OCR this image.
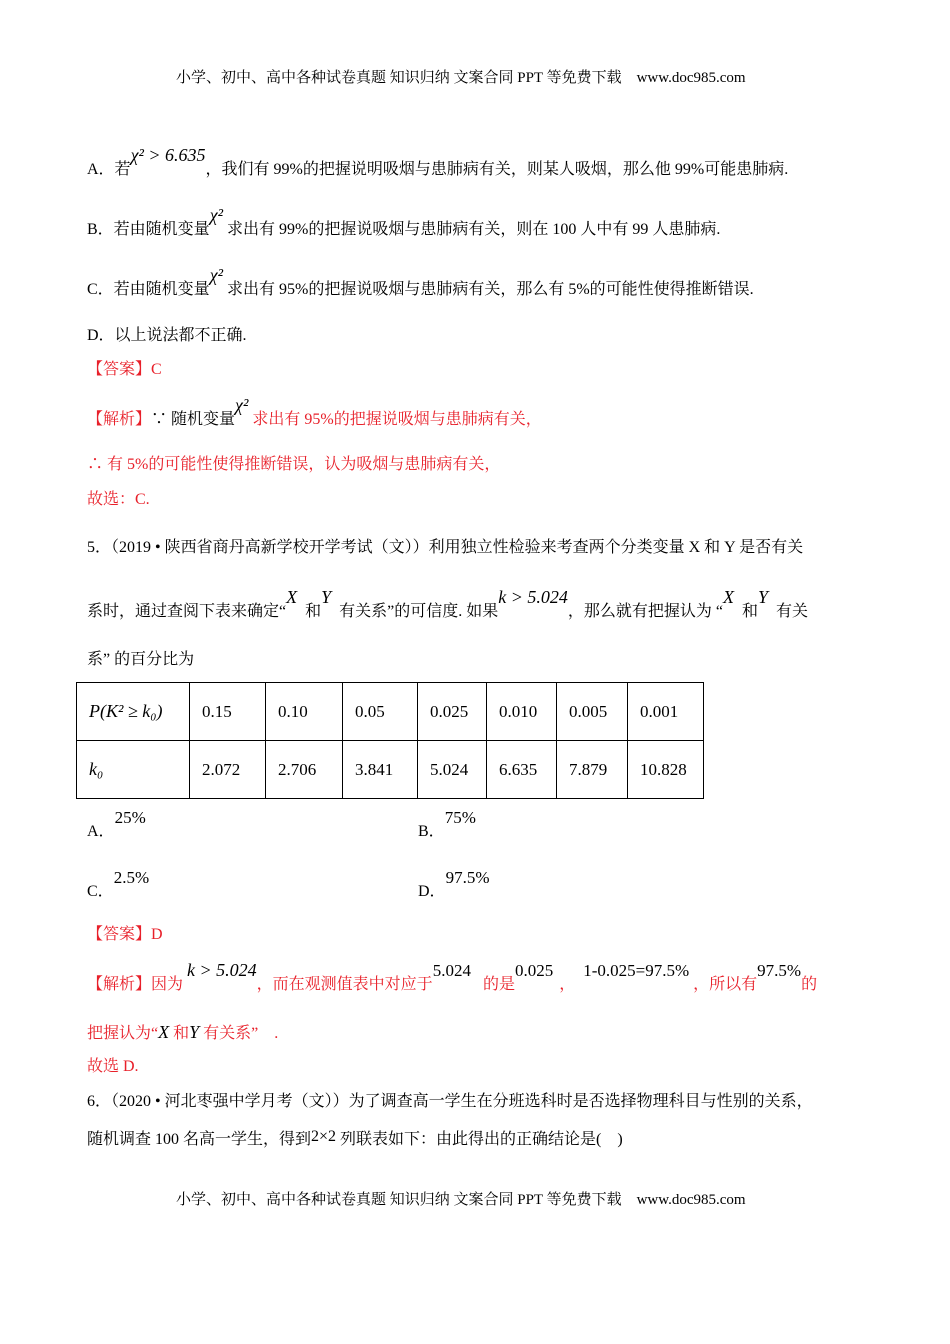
小学、初中、高中各种试卷真题 知识归纳 文案合同 PPT 等免费下载　www.doc985.com
A．若χ² > 6.635，我们有 99%的把握说明吸烟与患肺病有关，则某人吸烟，那么他 99%可能患肺病.
B．若由随机变量χ² 求出有 99%的把握说吸烟与患肺病有关，则在 100 人中有 99 人患肺病.
C．若由随机变量χ² 求出有 95%的把握说吸烟与患肺病有关，那么有 5%的可能性使得推断错误.
D．以上说法都不正确.
【答案】C
【解析】∵ 随机变量χ² 求出有 95%的把握说吸烟与患肺病有关，
∴ 有 5%的可能性使得推断错误，认为吸烟与患肺病有关，
故选：C.
5．（2019 • 陕西省商丹高新学校开学考试（文））利用独立性检验来考查两个分类变量 X 和 Y 是否有关
系时，通过查阅下表来确定“X  和Y  有关系”的可信度. 如果k > 5.024，那么就有把握认为 “X  和Y  有关
系” 的百分比为
P(K² ≥ k₀)	0.15	0.10	0.05	0.025	0.010	0.005	0.001
k₀	2.072	2.706	3.841	5.024	6.635	7.879	10.828
A．25%
B．75%
C．2.5%
D．97.5%
【答案】D
【解析】因为k > 5.024，而在观测值表中对应于5.024的是0.025，1-0.025=97.5%，所以有97.5%的
把握认为“X 和Y 有关系”　.
故选 D.
6．（2020 • 河北枣强中学月考（文））为了调查高一学生在分班选科时是否选择物理科目与性别的关系，
随机调查 100 名高一学生，得到2×2 列联表如下：由此得出的正确结论是(　)
小学、初中、高中各种试卷真题 知识归纳 文案合同 PPT 等免费下载　www.doc985.com
